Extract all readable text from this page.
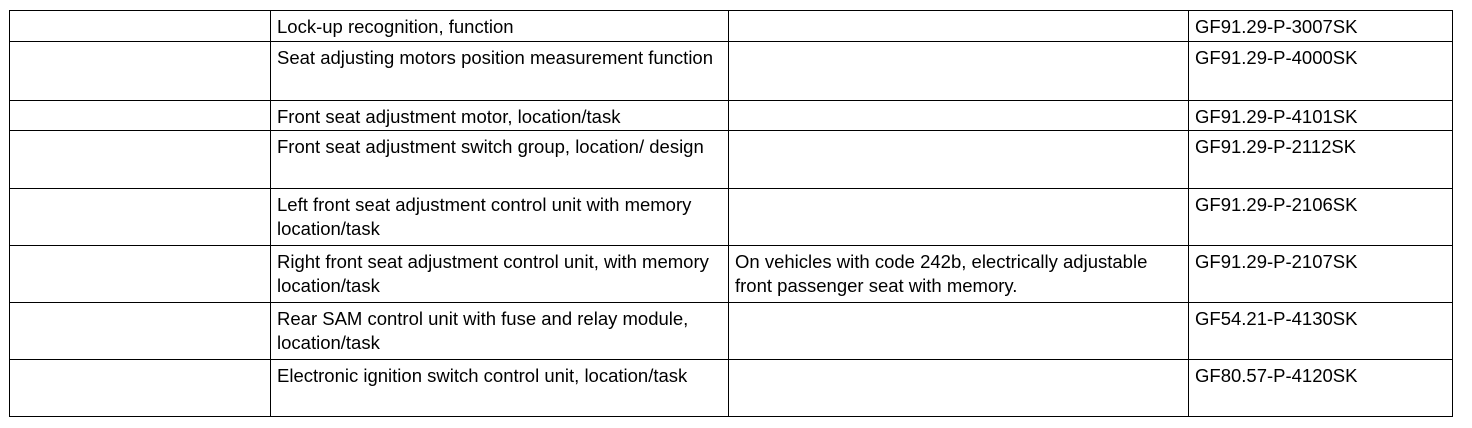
	Lock-up recognition, function		GF91.29-P-3007SK
	Seat adjusting motors position measurement function		GF91.29-P-4000SK
	Front seat adjustment motor, location/task		GF91.29-P-4101SK
	Front seat adjustment switch group, location/ design		GF91.29-P-2112SK
	Left front seat adjustment control unit with memory location/task		GF91.29-P-2106SK
	Right front seat adjustment control unit, with memory location/task	On vehicles with code 242b, electrically adjustable front passenger seat with memory.	GF91.29-P-2107SK
	Rear SAM control unit with fuse and relay module, location/task		GF54.21-P-4130SK
	Electronic ignition switch control unit, location/task		GF80.57-P-4120SK
